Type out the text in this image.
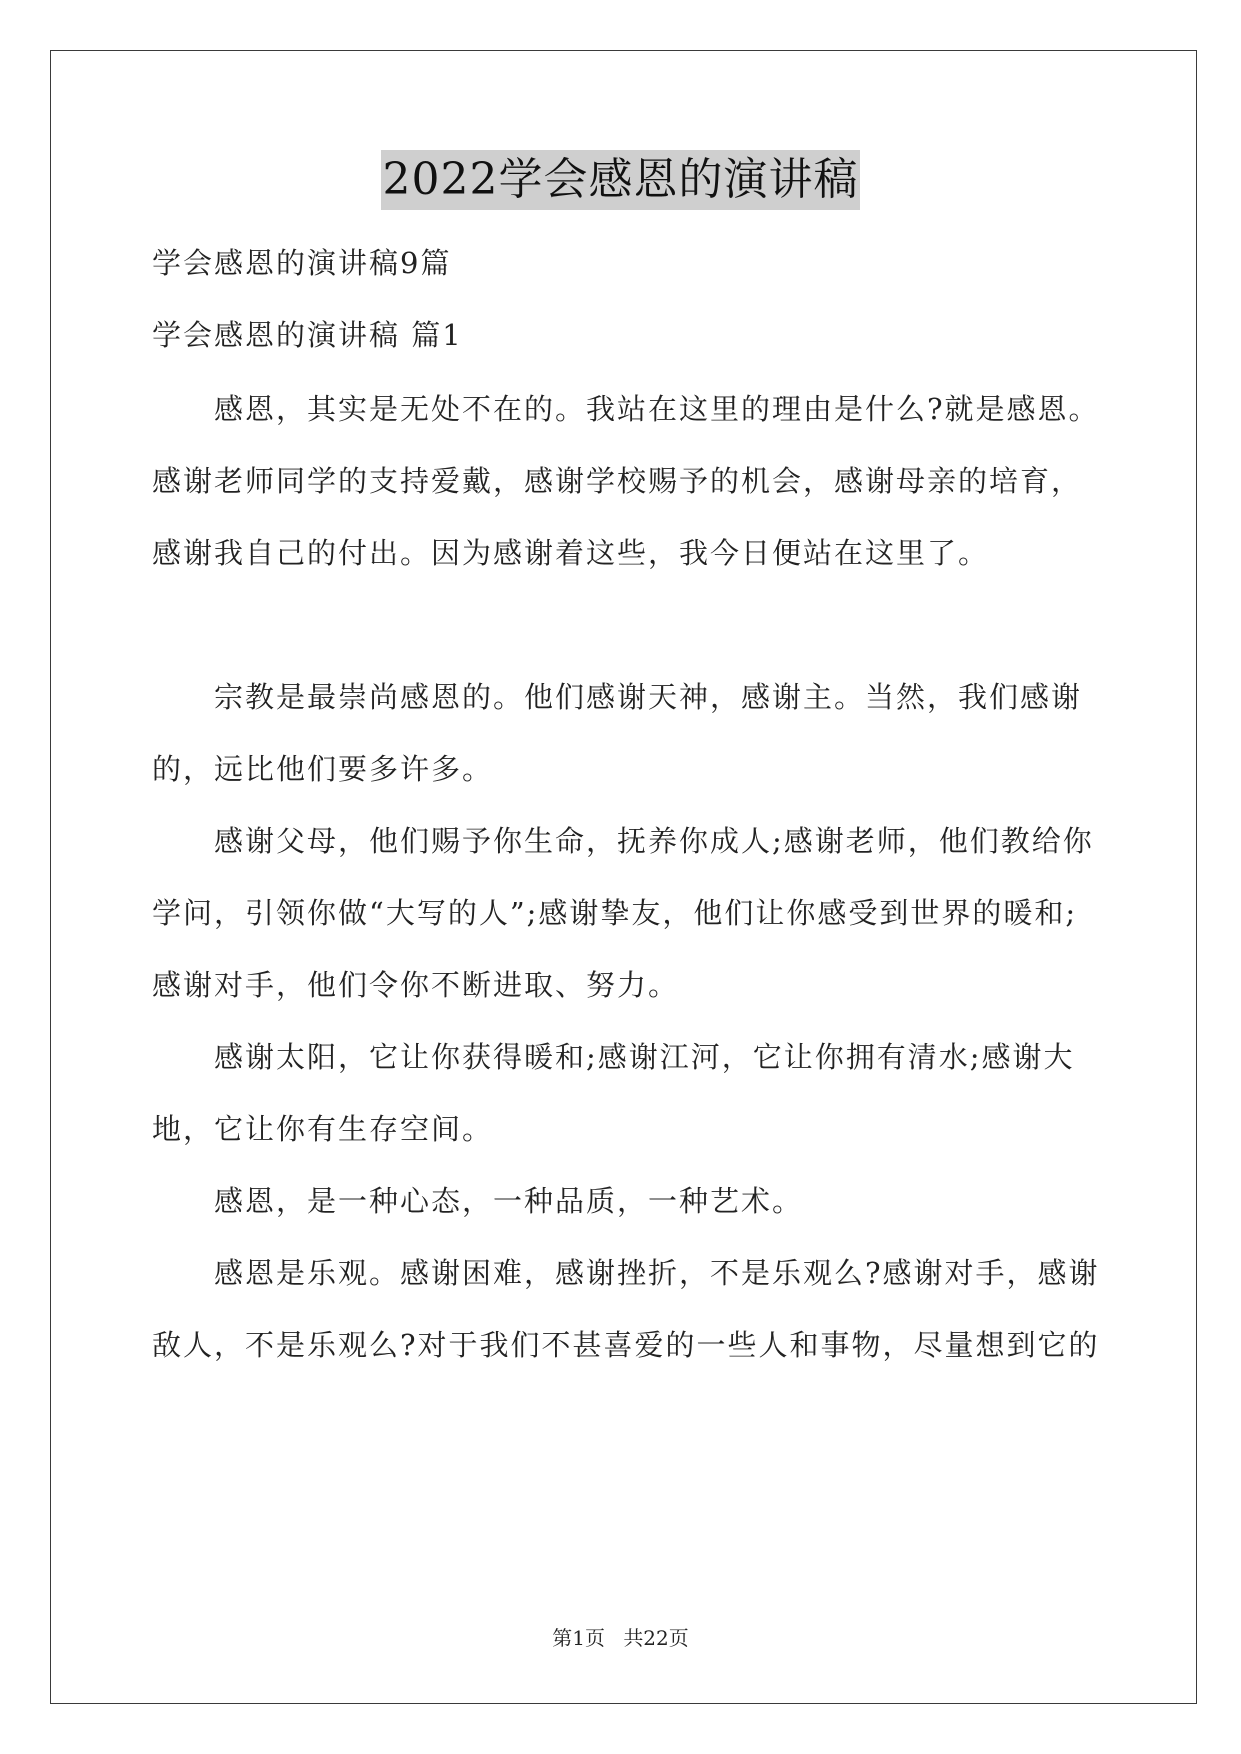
2022学会感恩的演讲稿
学会感恩的演讲稿9篇
学会感恩的演讲稿 篇1
感恩，其实是无处不在的。我站在这里的理由是什么?就是感恩。
感谢老师同学的支持爱戴，感谢学校赐予的机会，感谢母亲的培育，
感谢我自己的付出。因为感谢着这些，我今日便站在这里了。
宗教是最崇尚感恩的。他们感谢天神，感谢主。当然，我们感谢
的，远比他们要多许多。
感谢父母，他们赐予你生命，抚养你成人;感谢老师，他们教给你
学问，引领你做“大写的人”;感谢挚友，他们让你感受到世界的暖和;
感谢对手，他们令你不断进取、努力。
感谢太阳，它让你获得暖和;感谢江河，它让你拥有清水;感谢大
地，它让你有生存空间。
感恩，是一种心态，一种品质，一种艺术。
感恩是乐观。感谢困难，感谢挫折，不是乐观么?感谢对手，感谢
敌人，不是乐观么?对于我们不甚喜爱的一些人和事物，尽量想到它的
第1页 共22页
